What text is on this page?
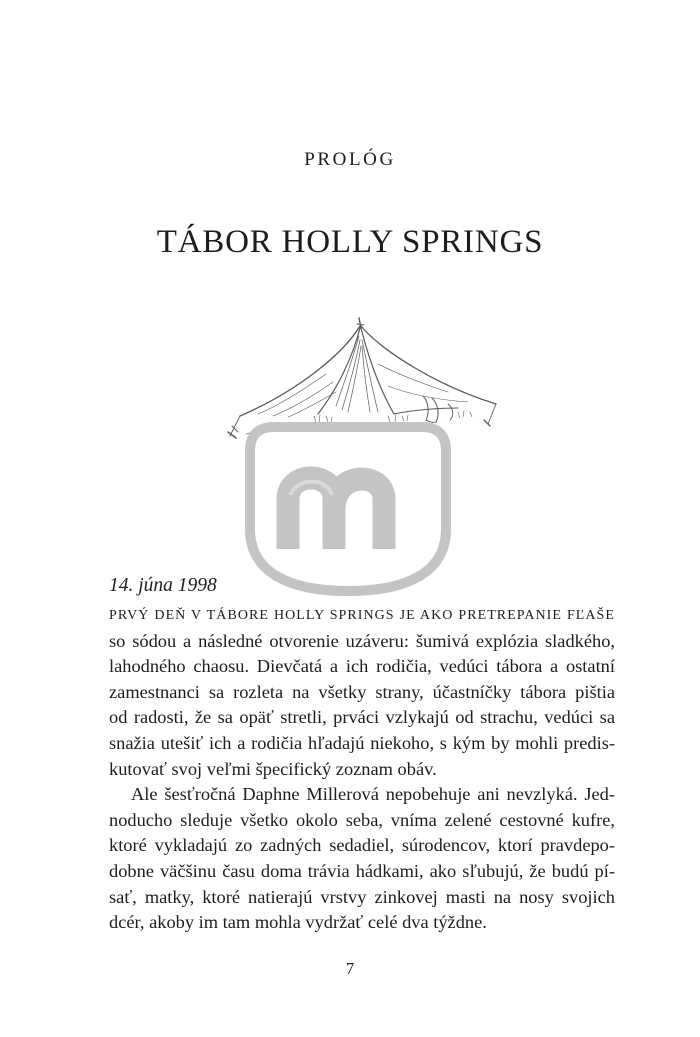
PROLÓG
TÁBOR HOLLY SPRINGS
14. júna 1998
PRVÝ DEŇ V TÁBORE HOLLY SPRINGS JE AKO PRETREPANIE FĽAŠE
so sódou a následné otvorenie uzáveru: šumivá explózia sladkého,
lahodného chaosu. Dievčatá a ich rodičia, vedúci tábora a ostatní
zamestnanci sa rozleta na všetky strany, účastníčky tábora pištia
od radosti, že sa opäť stretli, prváci vzlykajú od strachu, vedúci sa
snažia utešiť ich a rodičia hľadajú niekoho, s kým by mohli predis-
kutovať svoj veľmi špecifický zoznam obáv.
Ale šesťročná Daphne Millerová nepobehuje ani nevzlyká. Jed-
noducho sleduje všetko okolo seba, vníma zelené cestovné kufre,
ktoré vykladajú zo zadných sedadiel, súrodencov, ktorí pravdepo-
dobne väčšinu času doma trávia hádkami, ako sľubujú, že budú pí-
sať, matky, ktoré natierajú vrstvy zinkovej masti na nosy svojich
dcér, akoby im tam mohla vydržať celé dva týždne.
7
